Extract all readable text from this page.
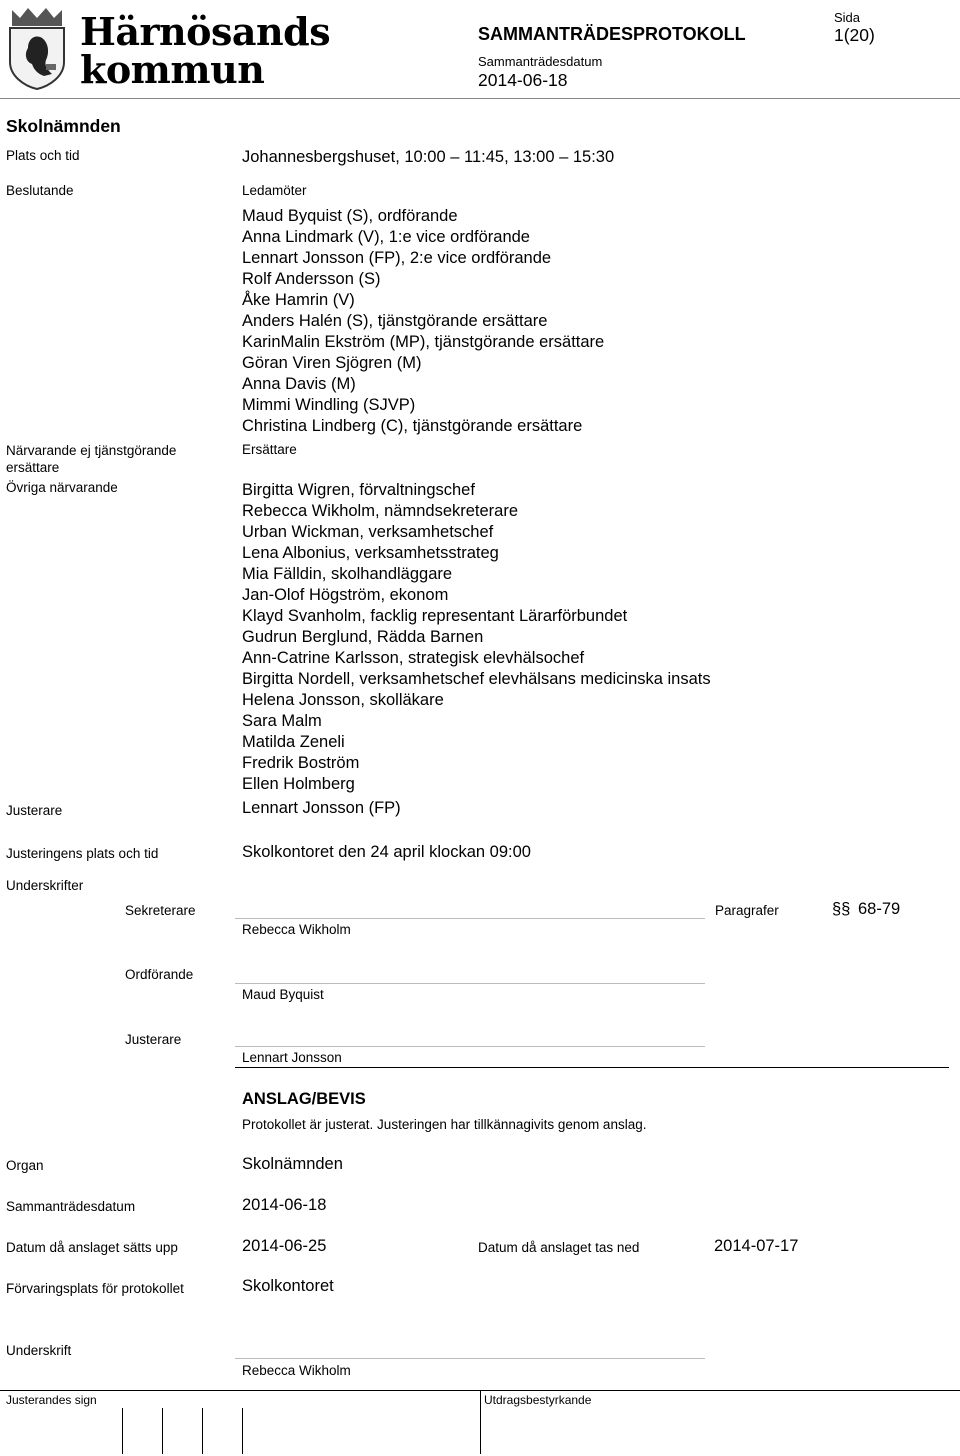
Härnösands
kommun
SAMMANTRÄDESPROTOKOLL
Sammanträdesdatum
2014-06-18
Sida
1(20)
Skolnämnden
Plats och tid	Johannesbergshuset, 10:00 – 11:45, 13:00 – 15:30
Beslutande	Ledamöter
Maud Byquist (S), ordförande
Anna Lindmark (V), 1:e vice ordförande
Lennart Jonsson (FP), 2:e vice ordförande
Rolf Andersson (S)
Åke Hamrin (V)
Anders Halén (S), tjänstgörande ersättare
KarinMalin Ekström (MP), tjänstgörande ersättare
Göran Viren Sjögren (M)
Anna Davis (M)
Mimmi Windling (SJVP)
Christina Lindberg (C), tjänstgörande ersättare
Närvarande ej tjänstgörande ersättare
Ersättare
Övriga närvarande	Birgitta Wigren, förvaltningschef
Rebecca Wikholm, nämndsekreterare
Urban Wickman, verksamhetschef
Lena Albonius, verksamhetsstrateg
Mia Fälldin, skolhandläggare
Jan-Olof Högström, ekonom
Klayd Svanholm, facklig representant Lärarförbundet
Gudrun Berglund, Rädda Barnen
Ann-Catrine Karlsson, strategisk elevhälsochef
Birgitta Nordell, verksamhetschef elevhälsans medicinska insats
Helena Jonsson, skolläkare
Sara Malm
Matilda Zeneli
Fredrik Boström
Ellen Holmberg
Justerare	Lennart Jonsson (FP)
Justeringens plats och tid	Skolkontoret den 24 april klockan 09:00
Underskrifter
Sekreterare
Rebecca Wikholm
Paragrafer	§§ 68-79
Ordförande
Maud Byquist
Justerare
Lennart Jonsson
ANSLAG/BEVIS
Protokollet är justerat. Justeringen har tillkännagivits genom anslag.
Organ	Skolnämnden
Sammanträdesdatum	2014-06-18
Datum då anslaget sätts upp	2014-06-25	Datum då anslaget tas ned	2014-07-17
Förvaringsplats för protokollet	Skolkontoret
Underskrift
Rebecca Wikholm
Justerandes sign	Utdragsbestyrkande
